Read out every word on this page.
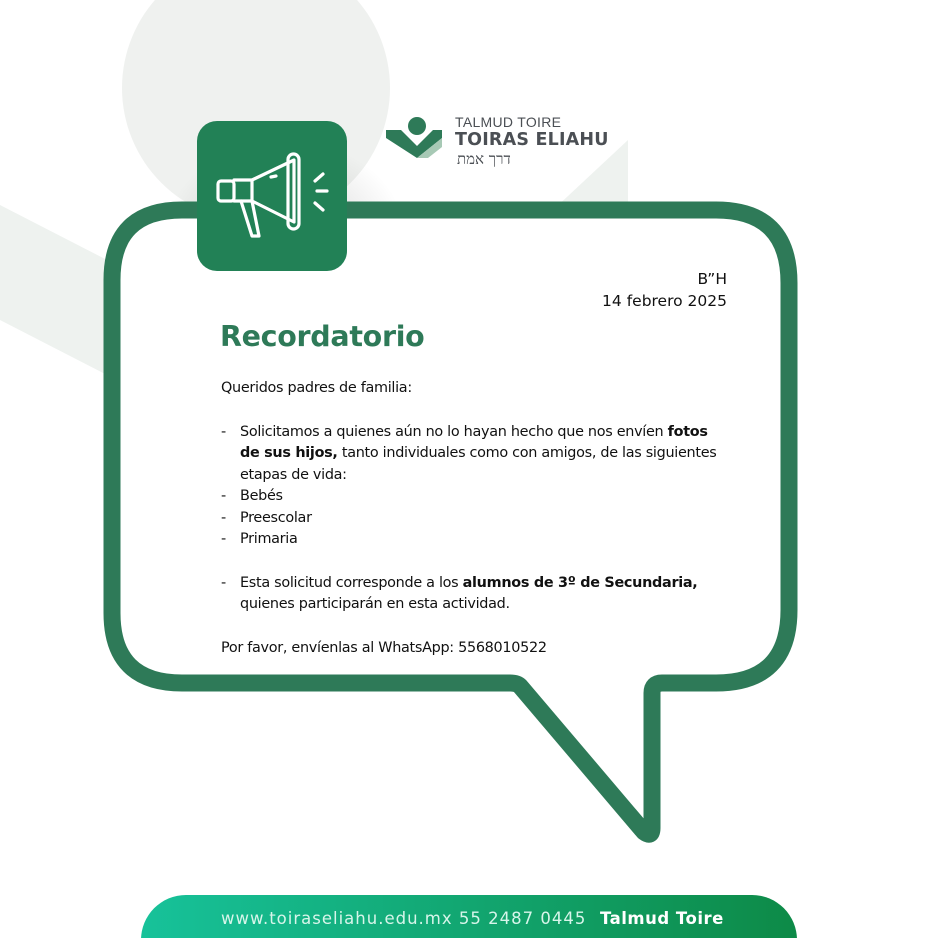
TALMUD TOIRE
TOIRAS ELIAHU
דרך אמת
B”H
14 febrero 2025
Recordatorio

Queridos padres de familia:

- Solicitamos a quienes aún no lo hayan hecho que nos envíen fotos de sus hijos, tanto individuales como con amigos, de las siguientes etapas de vida:
- Bebés
- Preescolar
- Primaria
- Esta solicitud corresponde a los alumnos de 3º de Secundaria, quienes participarán en esta actividad.

Por favor, envíenlas al WhatsApp: 5568010522

www.toiraseliahu.edu.mx 55 2487 0445 Talmud Toire
